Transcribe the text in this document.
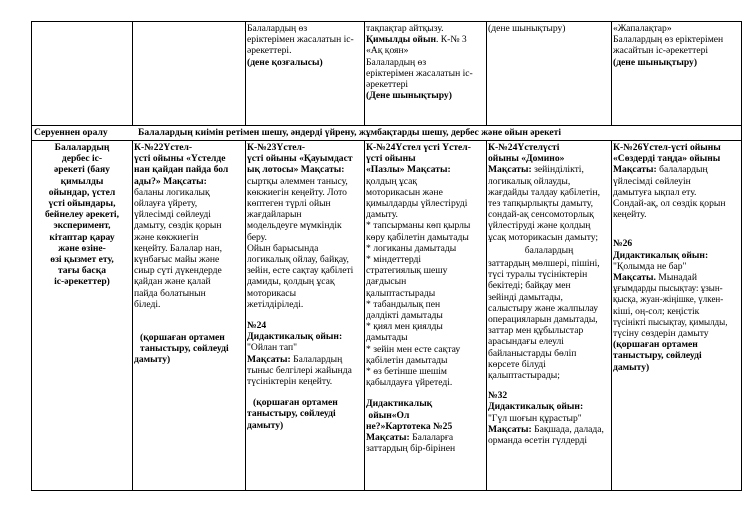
Балалардың өз
еріктерімен жасалатын іс-
әрекеттері.
(дене қозғалысы)
тақпақтар айтқызу.
Қимылды ойын. К-№ 3
«Ақ қоян»
Балалардың өз
еріктерімен жасалатын іс-
әрекеттері
(Дене шынықтыру)
(дене шынықтыру)	«Жапалақтар»
Балалардың өз еріктерімен
жасайтын іс-әрекеттері
(дене шынықтыру)
Серуеннен оралу	Балалардың киімін ретімен шешу, әндерді үйрену, жұмбақтарды шешу, дербес және ойын әрекеті
Балалардың
дербес іс-
әрекеті (баяу
қимылды
ойындар, үстел
үсті ойындары,
бейнелеу әрекеті,
эксперимент,
кітаптар қарау
және өзіне-
өзі қызмет ету,
тағы басқа
іс-әрекеттер)
К-№22Үстел-
үсті ойыны «Үстелде
нан қайдан пайда бол
ады?» Мақсаты:
баланы логикалық
ойлауға үйрету,
үйлесімді сөйлеуді
дамыту, сөздік қорын
және көкжиегін
кеңейту. Балалар нан,
күнбағыс майы және
сиыр сүті дүкендерде
қайдан және қалай
пайда болатынын
біледі.
(қоршаған ортамен
таныстыру, сөйлеуді
дамыту)
К-№23Үстел-
үсті ойыны «Қауымдаст
ық лотосы» Мақсаты:
сыртқы әлеммен танысу,
көкжиегін кеңейту. Лото
көптеген түрлі ойын
жағдайларын
модельдеуге мүмкіндік
беру.
Ойын барысында
логикалық ойлау, байқау,
зейін, есте сақтау қабілеті
дамиды, қолдың ұсақ
моторикасы
жетілдіріледі.
№24
Дидактикалық ойын:
"Ойлан тап"
Мақсаты: Балалардың
тыныс белгілері жайында
түсініктерін кеңейту.
(қоршаған ортамен
таныстыру, сөйлеуді
дамыту)
К-№24Үстел үсті Үстел-
үсті ойыны
«Пазлы» Мақсаты:
қолдың ұсақ
моторикасын және
қимылдарды үйлестіруді
дамыту.
* тапсырманы көп қырлы
көру қабілетін дамытады
* логиканы дамытады
* міндеттерді
стратегиялық шешу
дағдысын
қалыптастырады
* табандылық пен
дәлдікті дамытады
* қиял мен қиялды
дамытады
* зейін мен есте сақтау
қабілетін дамытады
* өз бетінше шешім
қабылдауға үйретеді.
Дидактикалық
ойын«Ол
не?»Картотека №25
Мақсаты: Балаларға
заттардың бір-бірінен
К-№24Үстелүсті
ойыны «Домино»
Мақсаты: зейінділікті,
логикалық ойлауды,
жағдайды талдау қабілетін,
тез тапқырлықты дамыту,
сондай-ақ сенсомоторлық
үйлестіруді және қолдың
ұсақ моторикасын дамыту;
балалардың
заттардың мөлшері, пішіні,
түсі туралы түсініктерін
бекітеді; байқау мен
зейінді дамытады,
салыстыру және жалпылау
операцияларын дамытады,
заттар мен құбылыстар
арасындағы елеулі
байланыстарды бөліп
көрсете білуді
қалыптастырады;
№32
Дидактикалық ойын:
"Гүл шоғын құрастыр"
Мақсаты: Бақшада, далада,
орманда өсетін гүлдерді
К-№26Үстел-үсті ойыны
«Сөздерді таңда» ойыны
Мақсаты: балалардың
үйлесімді сөйлеуін
дамытуға ықпал ету.
Сондай-ақ, ол сөздік қорын
кеңейту.
№26
Дидактикалық ойын:
"Қолымда не бар"
Мақсаты. Мынадай
ұғымдарды пысықтау: ұзын-
қысқа, жуан-жіңішке, үлкен-
кіші, оң-сол; кеңістік
түсінікті пысықтау, қимылды,
түсіну сөздерін дамыту
(қоршаған ортамен
таныстыру, сөйлеуді
дамыту)
